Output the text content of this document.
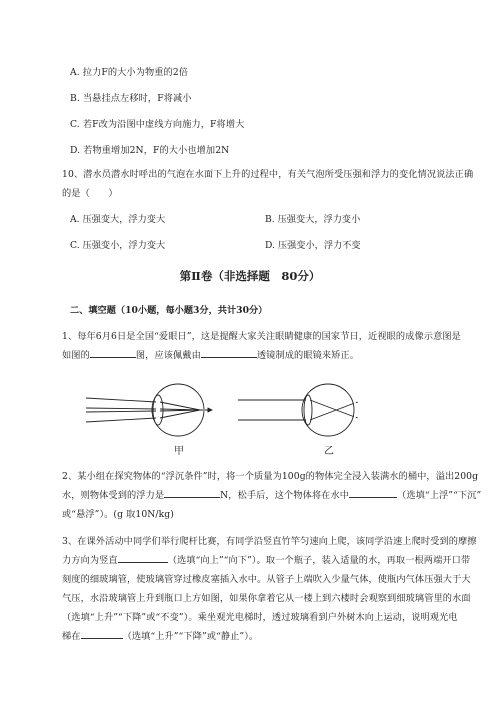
A. 拉力F的大小为物重的2倍
B. 当悬挂点左移时，F将减小
C. 若F改为沿图中虚线方向施力，F将增大
D. 若物重增加2N，F的大小也增加2N
10、潜水员潜水时呼出的气泡在水面下上升的过程中，有关气泡所受压强和浮力的变化情况说法正确
的是（　　）
A. 压强变大，浮力变大	B. 压强变大，浮力变小
C. 压强变小，浮力变大	D. 压强变小，浮力不变
第Ⅱ卷（非选择题　80分）
二、填空题（10小题，每小题3分，共计30分）
1、每年6月6日是全国“爱眼日”，这是提醒大家关注眼睛健康的国家节日，近视眼的成像示意图是
如图的	图，应该佩戴由	透镜制成的眼镜来矫正。
甲	乙
2、某小组在探究物体的“浮沉条件”时，将一个质量为100g的物体完全浸入装满水的桶中，溢出200g
水，则物体受到的浮力是	N，松手后，这个物体将在水中	（选填“上浮”“下沉”
或“悬浮”）。(g 取10N/kg)
3、在课外活动中同学们举行爬杆比赛，有同学沿竖直竹竿匀速向上爬，该同学沿速上爬时受到的摩擦
力方向为竖直	（选填“向上”“向下”）。取一个瓶子，装入适量的水，再取一根两端开口带
刻度的细玻璃管，使玻璃管穿过橡皮塞插入水中。从管子上端吹入少量气体，使瓶内气体压强大于大
气压，水沿玻璃管上升到瓶口上方如图，如果你拿着它从一楼上到六楼时会观察到细玻璃管里的水面
（选填“上升”“下降”或“不变”）。乘坐观光电梯时，透过玻璃看到户外树木向上运动，说明观光电
梯在	（选填“上升”“下降”或“静止”）。
